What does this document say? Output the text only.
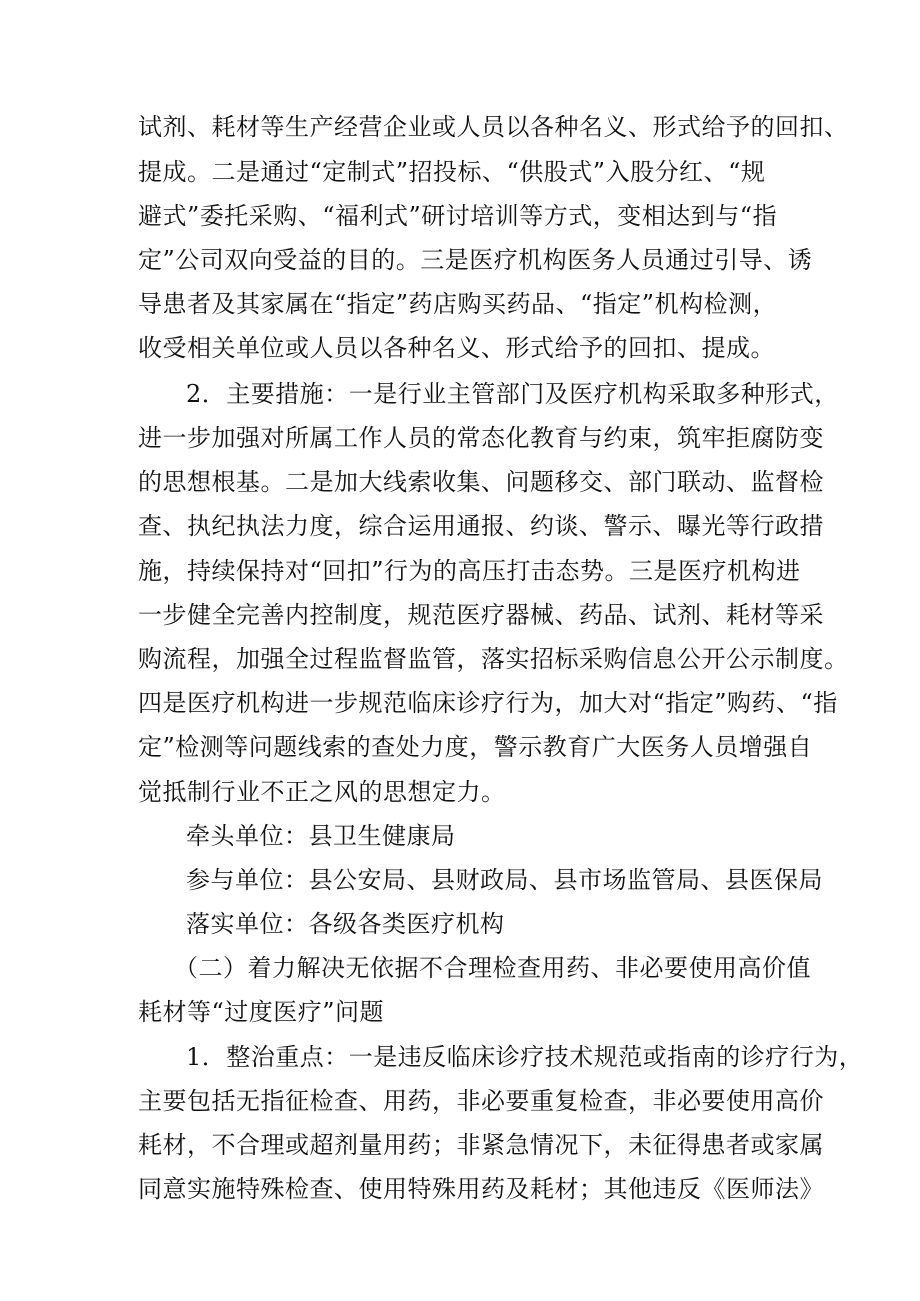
试剂、耗材等生产经营企业或人员以各种名义、形式给予的回扣、
提成。二是通过“定制式”招投标、“供股式”入股分红、“规
避式”委托采购、“福利式”研讨培训等方式，变相达到与“指
定”公司双向受益的目的。三是医疗机构医务人员通过引导、诱
导患者及其家属在“指定”药店购买药品、“指定”机构检测，
收受相关单位或人员以各种名义、形式给予的回扣、提成。
2．主要措施：一是行业主管部门及医疗机构采取多种形式，
进一步加强对所属工作人员的常态化教育与约束，筑牢拒腐防变
的思想根基。二是加大线索收集、问题移交、部门联动、监督检
查、执纪执法力度，综合运用通报、约谈、警示、曝光等行政措
施，持续保持对“回扣”行为的高压打击态势。三是医疗机构进
一步健全完善内控制度，规范医疗器械、药品、试剂、耗材等采
购流程，加强全过程监督监管，落实招标采购信息公开公示制度。
四是医疗机构进一步规范临床诊疗行为，加大对“指定”购药、“指
定”检测等问题线索的查处力度，警示教育广大医务人员增强自
觉抵制行业不正之风的思想定力。
牵头单位：县卫生健康局
参与单位：县公安局、县财政局、县市场监管局、县医保局
落实单位：各级各类医疗机构
（二）着力解决无依据不合理检查用药、非必要使用高价值
耗材等“过度医疗”问题
1．整治重点：一是违反临床诊疗技术规范或指南的诊疗行为，
主要包括无指征检查、用药，非必要重复检查，非必要使用高价
耗材，不合理或超剂量用药；非紧急情况下，未征得患者或家属
同意实施特殊检查、使用特殊用药及耗材；其他违反《医师法》
